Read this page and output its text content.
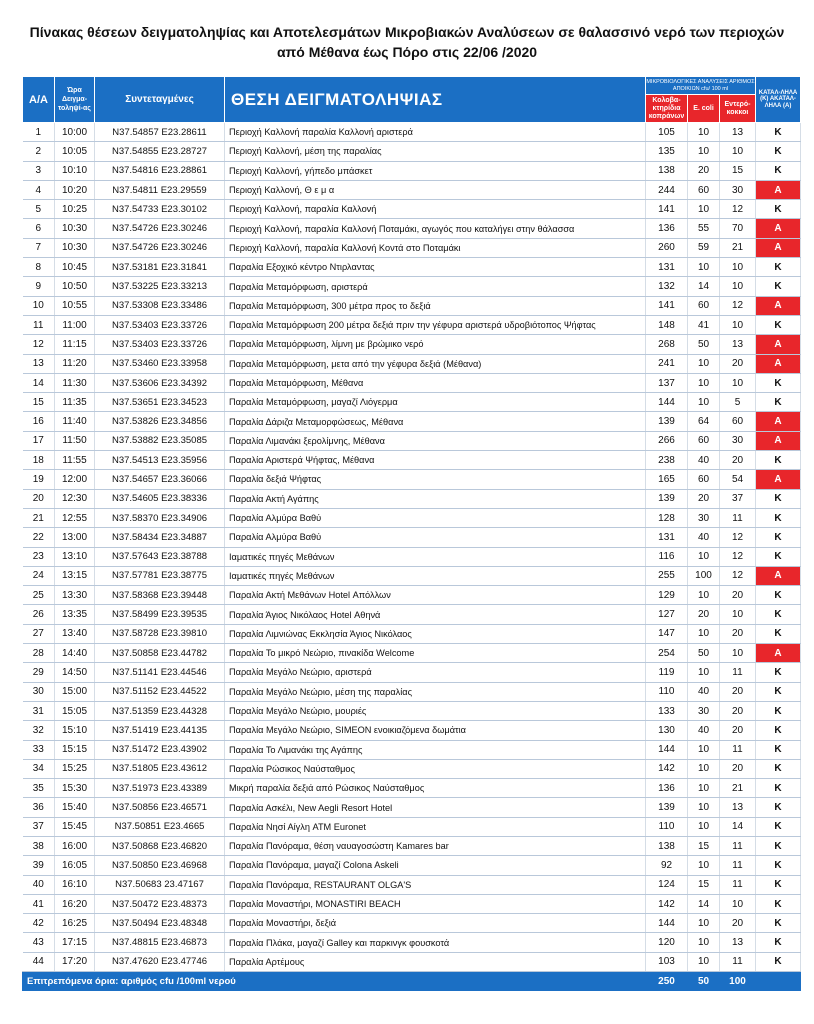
Πίνακας θέσεων δειγματοληψίας και Αποτελεσμάτων Μικροβιακών Αναλύσεων σε θαλασσινό νερό των περιοχών
από Μέθανα έως Πόρο στις 22/06 /2020
Α/Α	Ώρα Δειγμα-τοληψί-ας	Συντεταγμένες	ΘΕΣΗ ΔΕΙΓΜΑΤΟΛΗΨΙΑΣ	ΜΙΚΡΟΒΙΟΛΟΓΙΚΕΣ ΑΝΑΛΥΣΕΙΣ ΑΡΙΘΜΟΣ ΑΠΟΙΚΙΩΝ cfu/ 100 ml			ΚΑΤΑΛ-ΛΗΛΑ (Κ) ΑΚΑΤΑΛ-ΛΗΛΑ (Α)
				Κολοβα-κτηρίδια κοπράνων	E. coli	Εντερό-κοκκοι	
1	10:00	N37.54857 E23.28611	Περιοχή Καλλονή παραλία Καλλονή αριστερά	105	10	13	Κ
2	10:05	N37.54855 E23.28727	Περιοχή Καλλονή, μέση της παραλίας	135	10	10	Κ
3	10:10	N37.54816 E23.28861	Περιοχή Καλλονή, γήπεδο μπάσκετ	138	20	15	Κ
4	10:20	N37.54811 E23.29559	Περιοχή Καλλονή, Θ ε μ α	244	60	30	Α
5	10:25	N37.54733 E23.30102	Περιοχή Καλλονή, παραλία Καλλονή	141	10	12	Κ
6	10:30	N37.54726 E23.30246	Περιοχή Καλλονή, παραλία Καλλονή Ποταμάκι, αγωγός που καταλήγει στην θάλασσα	136	55	70	Α
7	10:30	N37.54726 E23.30246	Περιοχή Καλλονή, παραλία Καλλονή Κοντά στο Ποταμάκι	260	59	21	Α
8	10:45	N37.53181 E23.31841	Παραλία Εξοχικό κέντρο Ντιρλαντας	131	10	10	Κ
9	10:50	N37.53225 E23.33213	Παραλία Μεταμόρφωση, αριστερά	132	14	10	Κ
10	10:55	N37.53308 E23.33486	Παραλία Μεταμόρφωση, 300 μέτρα προς το δεξιά	141	60	12	Α
11	11:00	N37.53403 E23.33726	Παραλία Μεταμόρφωση 200 μέτρα δεξιά πριν την γέφυρα αριστερά υδροβιότοπος Ψήφτας	148	41	10	Κ
12	11:15	N37.53403 E23.33726	Παραλία Μεταμόρφωση, λίμνη με βρώμικο νερό	268	50	13	Α
13	11:20	N37.53460 E23.33958	Παραλία Μεταμόρφωση, μετα από την γέφυρα δεξιά (Μέθανα)	241	10	20	Α
14	11:30	N37.53606 E23.34392	Παραλία Μεταμόρφωση, Μέθανα	137	10	10	Κ
15	11:35	N37.53651 E23.34523	Παραλία Μεταμόρφωση, μαγαζί Λιόγερμα	144	10	5	Κ
16	11:40	N37.53826 E23.34856	Παραλία Δάριζα Μεταμορφώσεως, Μέθανα	139	64	60	Α
17	11:50	N37.53882 E23.35085	Παραλία Λιμανάκι ξερολίμνης, Μέθανα	266	60	30	Α
18	11:55	N37.54513 E23.35956	Παραλία Αριστερά Ψήφτας, Μέθανα	238	40	20	Κ
19	12:00	N37.54657 E23.36066	Παραλία δεξιά Ψήφτας	165	60	54	Α
20	12:30	N37.54605 E23.38336	Παραλία Ακτή Αγάπης	139	20	37	Κ
21	12:55	N37.58370 E23.34906	Παραλία Αλμύρα Βαθύ	128	30	11	Κ
22	13:00	N37.58434 E23.34887	Παραλία Αλμύρα Βαθύ	131	40	12	Κ
23	13:10	N37.57643 E23.38788	Ιαματικές πηγές Μεθάνων	116	10	12	Κ
24	13:15	N37.57781 E23.38775	Ιαματικές πηγές Μεθάνων	255	100	12	Α
25	13:30	N37.58368 E23.39448	Παραλία Ακτή Μεθάνων Hotel Απόλλων	129	10	20	Κ
26	13:35	N37.58499 E23.39535	Παραλία Άγιος Νικόλαος Hotel Αθηνά	127	20	10	Κ
27	13:40	N37.58728 E23.39810	Παραλία Λιμνιώνας Εκκλησία Άγιος Νικόλαος	147	10	20	Κ
28	14:40	N37.50858 E23.44782	Παραλία Το μικρό Νεώριο, πινακίδα Welcome	254	50	10	Α
29	14:50	N37.51141 E23.44546	Παραλία Μεγάλο Νεώριο, αριστερά	119	10	11	Κ
30	15:00	N37.51152 E23.44522	Παραλία Μεγάλο Νεώριο, μέση της παραλίας	110	40	20	Κ
31	15:05	N37.51359 E23.44328	Παραλία Μεγάλο Νεώριο, μουριές	133	30	20	Κ
32	15:10	N37.51419 E23.44135	Παραλία Μεγάλο Νεώριο, SIMEON ενοικιαζόμενα δωμάτια	130	40	20	Κ
33	15:15	N37.51472 E23.43902	Παραλία Το Λιμανάκι της Αγάπης	144	10	11	Κ
34	15:25	N37.51805 E23.43612	Παραλία Ρώσικος Ναύσταθμος	142	10	20	Κ
35	15:30	N37.51973 E23.43389	Μικρή παραλία δεξιά από Ρώσικος Ναύσταθμος	136	10	21	Κ
36	15:40	N37.50856 E23.46571	Παραλία Ασκέλι, New Aegli Resort Hotel	139	10	13	Κ
37	15:45	N37.50851 E23.4665	Παραλία Νησί Αίγλη ATM Euronet	110	10	14	Κ
38	16:00	N37.50868 E23.46820	Παραλία Πανόραμα, θέση ναυαγοσώστη Kamares bar	138	15	11	Κ
39	16:05	N37.50850 E23.46968	Παραλία Πανόραμα, μαγαζί Colona Askeli	92	10	11	Κ
40	16:10	N37.50683 23.47167	Παραλία Πανόραμα, RESTAURANT OLGA'S	124	15	11	Κ
41	16:20	N37.50472 E23.48373	Παραλία Μοναστήρι, MONASTIRI BEACH	142	14	10	Κ
42	16:25	N37.50494 E23.48348	Παραλία Μοναστήρι, δεξιά	144	10	20	Κ
43	17:15	N37.48815 E23.46873	Παραλία Πλάκα, μαγαζί Galley και παρκινγκ φουσκοτά	120	10	13	Κ
44	17:20	N37.47620 E23.47746	Παραλία Αρτέμους	103	10	11	Κ
Επιτρεπόμενα όρια: αριθμός cfu /100ml νερού				250	50	100	
